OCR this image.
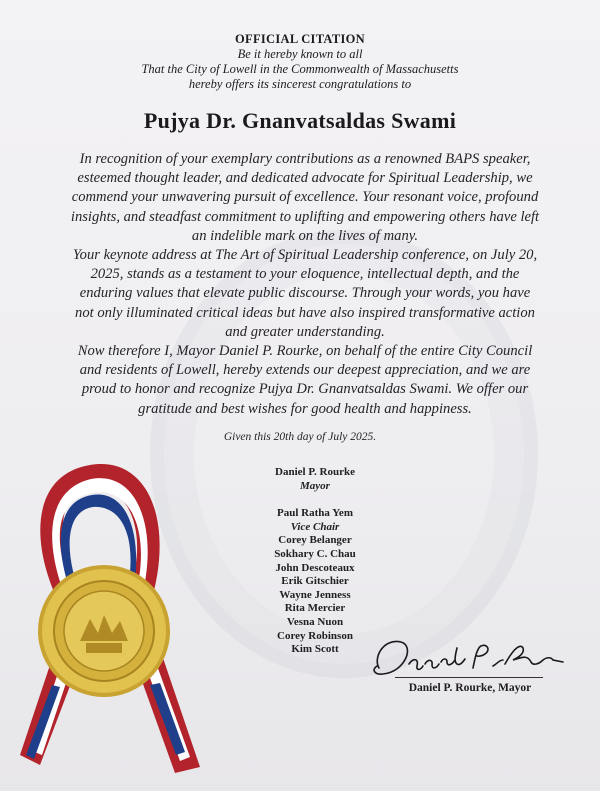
OFFICIAL CITATION
Be it hereby known to all
That the City of Lowell in the Commonwealth of Massachusetts
hereby offers its sincerest congratulations to
Pujya Dr. Gnanvatsaldas Swami

In recognition of your exemplary contributions as a renowned BAPS speaker, esteemed thought leader, and dedicated advocate for Spiritual Leadership, we commend your unwavering pursuit of excellence. Your resonant voice, profound insights, and steadfast commitment to uplifting and empowering others have left an indelible mark on the lives of many.

Your keynote address at The Art of Spiritual Leadership conference, on July 20, 2025, stands as a testament to your eloquence, intellectual depth, and the enduring values that elevate public discourse. Through your words, you have not only illuminated critical ideas but have also inspired transformative action and greater understanding.

Now therefore I, Mayor Daniel P. Rourke, on behalf of the entire City Council and residents of Lowell, hereby extends our deepest appreciation, and we are proud to honor and recognize Pujya Dr. Gnanvatsaldas Swami. We offer our gratitude and best wishes for good health and happiness.

Given this 20th day of July 2025.
Daniel P. Rourke
Mayor
Paul Ratha Yem
Vice Chair
Corey Belanger
Sokhary C. Chau
John Descoteaux
Erik Gitschier
Wayne Jenness
Rita Mercier
Vesna Nuon
Corey Robinson
Kim Scott
Daniel P. Rourke, Mayor
